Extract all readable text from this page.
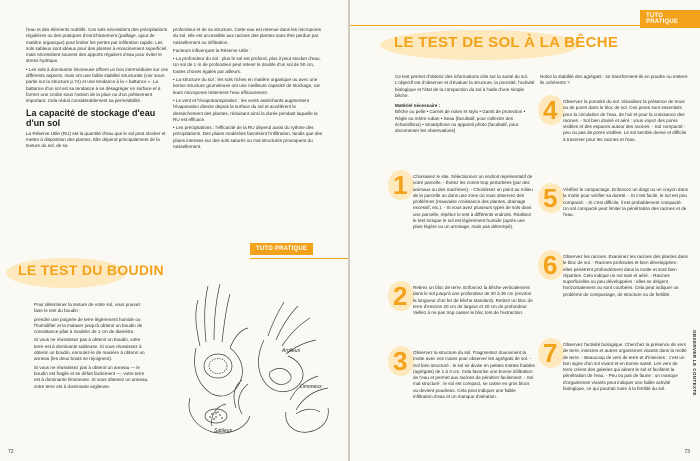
l'eau et des éléments nutritifs. Ces sols nécessitent des précipitations régulières ou des pratiques d'enrichissement (paillage, ajout de matière organique) pour limiter les pertes par infiltration rapide. Les sols sableux sont idéaux pour des plantes à enracinement superficiel, mais nécessitent souvent des apports réguliers d'eau pour éviter le stress hydrique.

• Les sols à dominante limoneuse offrent un bon intermédiaire sur ces différents aspects, mais ont une faible stabilité structurale (voir sous-partie sur la structure p.74) et une tendance à la « battance ». La battance d'un sol est sa tendance à se désagréger en surface et à former une croûte sous l'action de la pluie ou d'un piétinement important. Cela réduit considérablement sa perméabilité.

La capacité de stockage d'eau d'un sol

La Réserve Utile (RU) est la quantité d'eau que le sol peut stocker et mettre à disposition des plantes. Elle dépend principalement de la texture du sol, de sa

profondeur et de sa structure. Cette eau est retenue dans les micropores du sol, elle est accessible aux racines des plantes sans être perdue par ruissellement ou infiltration.

Facteurs influençant la Réserve Utile :

• La profondeur du sol : plus le sol est profond, plus il peut stocker d'eau. Un sol de 1 m de profondeur peut retenir le double d'un sol de 50 cm, toutes choses égales par ailleurs.

• La structure du sol : les sols riches en matière organique ou avec une bonne structure grumeleuse ont une meilleure capacité de stockage, car leurs micropores retiennent l'eau efficacement.

• Le vent et l'évapotranspiration : les vents asséchants augmentent l'évaporation directe depuis la surface du sol et accélèrent le dessèchement des plantes, réduisant ainsi la durée pendant laquelle la RU est efficace.

• Les précipitations : l'efficacité de la RU dépend aussi du rythme des précipitations. Des pluies modérées favorisent l'infiltration, tandis que des pluies intenses sur des sols saturés ou mal structurés provoquent du ruissellement.

TUTO PRATIQUE
LE TEST DU BOUDIN

Pour déterminer la texture de votre sol, vous pouvez faire le test du boudin :

prendre une poignée de terre légèrement humide ou l'humidifier et la malaxer jusqu'à obtenir un boudin de consistance pâte à modeler de 1 cm de diamètre.

Si vous ne réussissez pas à obtenir un boudin, votre terre est à dominante sableuse. Si vous réussissez à obtenir un boudin, enroulez-le de manière à obtenir un anneau (les deux bouts se rejoignent).

Si vous ne réussissez pas à obtenir un anneau — le boudin est fragile et se défait facilement —, votre terre est à dominante limoneuse. Si vous obtenez un anneau, votre terre est à dominante argileuse.

Argileux
Limoneux
Sableux
72
TUTO PRATIQUE
LE TEST DE SOL À LA BÊCHE

Ce test permet d'obtenir des informations clés sur la santé du sol. L'objectif est d'observer et d'évaluer la structure, la porosité, l'activité biologique et l'état de la compaction du sol à l'aide d'une simple bêche.

Matériel nécessaire :

Bêche ou pelle • Carnet de notes et stylo • Gants de protection • Règle ou mètre ruban • Seau (facultatif, pour collecter des échantillons) • Smartphone ou appareil photo (facultatif, pour documenter les observations)

1 Choisissez le site. Sélectionnez un endroit représentatif de votre parcelle. - Évitez les zones trop perturbées (par des animaux ou des machines). - Choisissez un point au milieu de la parcelle ou dans une zone où vous observez des problèmes (mauvaise croissance des plantes, drainage excessif, etc.). - Si vous avez plusieurs types de sols dans une parcelle, répétez le test à différents endroits. Réalisez le test lorsque le sol est légèrement humide (après une pluie légère ou un arrosage, mais pas détrempé).
2 Retirez un bloc de terre. Enfoncez la bêche verticalement dans le sol jusqu'à une profondeur de 20 à 30 cm (environ la longueur d'un fer de bêche standard). Retirez un bloc de terre d'environ 20 cm de largeur et 20 cm de profondeur. Veillez à ne pas trop casser le bloc lors de l'extraction.
3 Observez la structure du sol. Fragmentez doucement la motte avec vos mains pour observer les agrégats de sol. - Sol bien structuré : le sol se divise en petites mottes friables (agrégats) de 1 à 3 cm. Cela favorise une bonne infiltration de l'eau et permet aux racines de pénétrer facilement. - Sol mal structuré : le sol est compact, se casse en gros blocs ou devient poudreux. Cela peut indiquer une faible infiltration d'eau et un manque d'aération.

Notez la stabilité des agrégats : se transforment-ils en poudre ou restent-ils cohérents ?

4 Observez la porosité du sol. Visualisez la présence de trous ou de pores dans le bloc de sol. Ces pores sont essentiels pour la circulation de l'eau, de l'air et pour la croissance des racines. - Sol bien drainé et aéré : vous voyez des pores visibles et des espaces autour des racines. - Sol compacté : peu ou pas de pores visibles. Le sol semble dense et difficile à traverser pour les racines et l'eau.
5 Vérifiez le compactage. Enfoncez un doigt ou un crayon dans la motte pour vérifier sa dureté. - Si c'est facile, le sol est peu compacté. - Si c'est difficile, il est probablement compacté. Un sol compacté peut limiter la pénétration des racines et de l'eau.
6 Observez les racines. Examinez les racines des plantes dans le bloc de sol. - Racines profondes et bien développées : elles pénètrent profondément dans la motte et sont bien réparties. Cela indique un sol sain et aéré. - Racines superficielles ou peu développées : elles se dirigent horizontalement ou sont courbées. Cela peut indiquer un problème de compactage, de structure ou de fertilité.
7 Observez l'activité biologique. Cherchez la présence de vers de terre, insectes et autres organismes vivants dans la motte de terre. - Beaucoup de vers de terre et d'insectes : c'est un bon signe d'un sol vivant et en bonne santé. Les vers de terre créent des galeries qui aèrent le sol et facilitent la pénétration de l'eau. - Peu ou pas de faune : un manque d'organismes vivants peut indiquer une faible activité biologique, ce qui pourrait nuire à la fertilité du sol.	OBSERVER LE CONTEXTE
73
